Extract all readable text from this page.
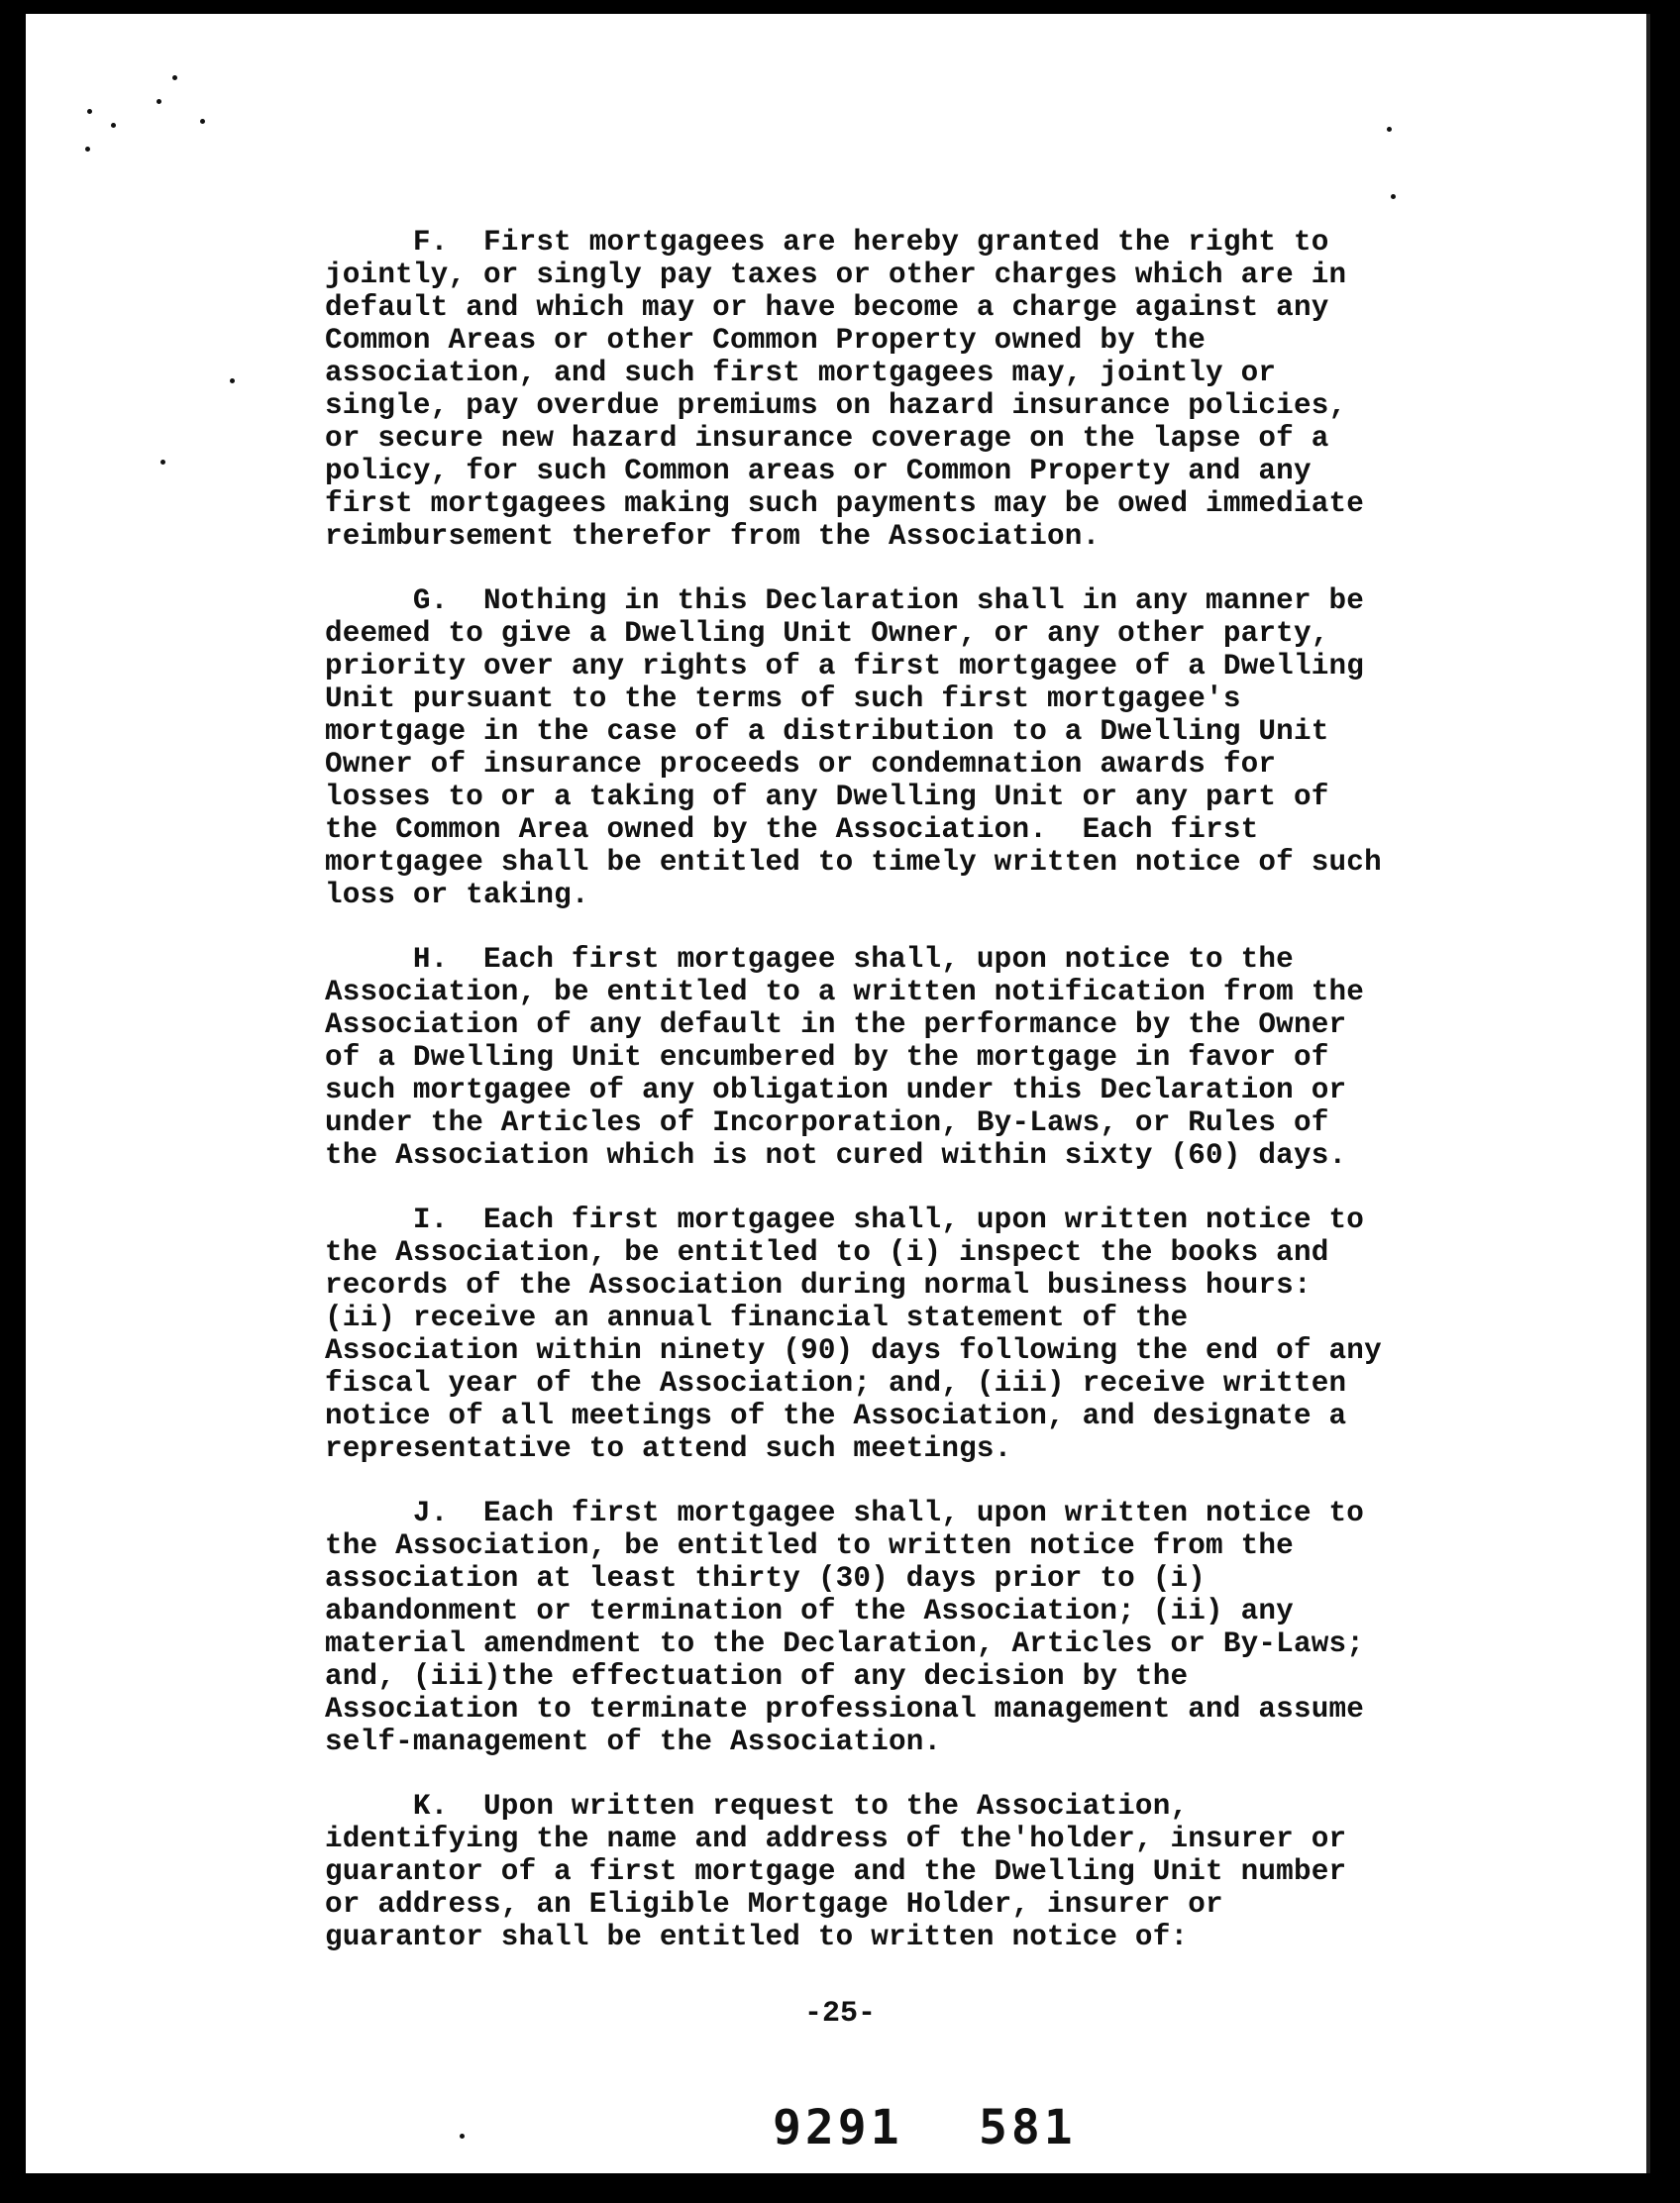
F.  First mortgagees are hereby granted the right to
jointly, or singly pay taxes or other charges which are in
default and which may or have become a charge against any
Common Areas or other Common Property owned by the
association, and such first mortgagees may, jointly or
single, pay overdue premiums on hazard insurance policies,
or secure new hazard insurance coverage on the lapse of a
policy, for such Common areas or Common Property and any
first mortgagees making such payments may be owed immediate
reimbursement therefor from the Association.

G.  Nothing in this Declaration shall in any manner be
deemed to give a Dwelling Unit Owner, or any other party,
priority over any rights of a first mortgagee of a Dwelling
Unit pursuant to the terms of such first mortgagee's
mortgage in the case of a distribution to a Dwelling Unit
Owner of insurance proceeds or condemnation awards for
losses to or a taking of any Dwelling Unit or any part of
the Common Area owned by the Association.  Each first
mortgagee shall be entitled to timely written notice of such
loss or taking.

H.  Each first mortgagee shall, upon notice to the
Association, be entitled to a written notification from the
Association of any default in the performance by the Owner
of a Dwelling Unit encumbered by the mortgage in favor of
such mortgagee of any obligation under this Declaration or
under the Articles of Incorporation, By-Laws, or Rules of
the Association which is not cured within sixty (60) days.

I.  Each first mortgagee shall, upon written notice to
the Association, be entitled to (i) inspect the books and
records of the Association during normal business hours:
(ii) receive an annual financial statement of the
Association within ninety (90) days following the end of any
fiscal year of the Association; and, (iii) receive written
notice of all meetings of the Association, and designate a
representative to attend such meetings.

J.  Each first mortgagee shall, upon written notice to
the Association, be entitled to written notice from the
association at least thirty (30) days prior to (i)
abandonment or termination of the Association; (ii) any
material amendment to the Declaration, Articles or By-Laws;
and, (iii)the effectuation of any decision by the
Association to terminate professional management and assume
self-management of the Association.

K.  Upon written request to the Association,
identifying the name and address of the'holder, insurer or
guarantor of a first mortgage and the Dwelling Unit number
or address, an Eligible Mortgage Holder, insurer or
guarantor shall be entitled to written notice of:

-25-
9291 581
